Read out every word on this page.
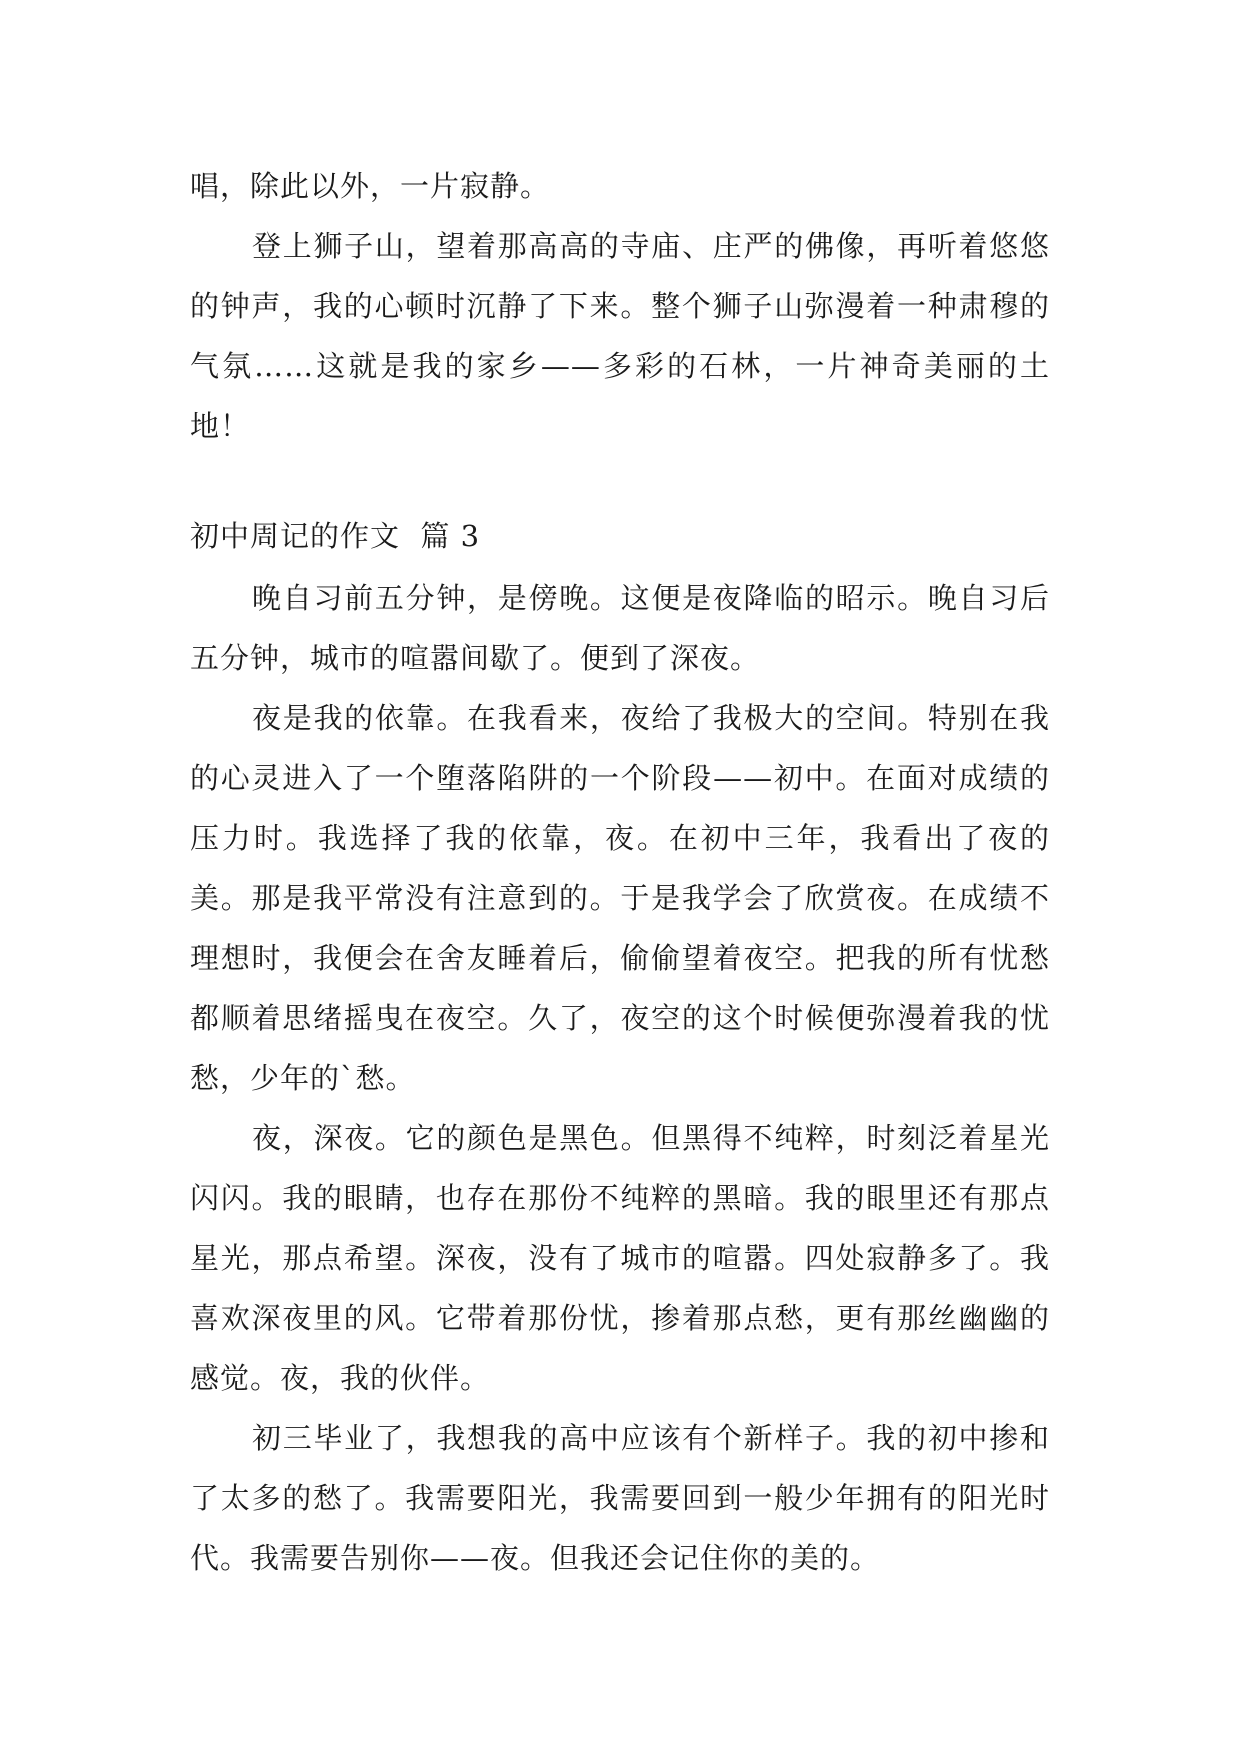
唱，除此以外，一片寂静。

登上狮子山，望着那高高的寺庙、庄严的佛像，再听着悠悠的钟声，我的心顿时沉静了下来。整个狮子山弥漫着一种肃穆的气氛……这就是我的家乡——多彩的石林，一片神奇美丽的土地！

初中周记的作文  篇 3

晚自习前五分钟，是傍晚。这便是夜降临的昭示。晚自习后五分钟，城市的喧嚣间歇了。便到了深夜。

夜是我的依靠。在我看来，夜给了我极大的空间。特别在我的心灵进入了一个堕落陷阱的一个阶段——初中。在面对成绩的压力时。我选择了我的依靠，夜。在初中三年，我看出了夜的美。那是我平常没有注意到的。于是我学会了欣赏夜。在成绩不理想时，我便会在舍友睡着后，偷偷望着夜空。把我的所有忧愁都顺着思绪摇曳在夜空。久了，夜空的这个时候便弥漫着我的忧愁，少年的`愁。

夜，深夜。它的颜色是黑色。但黑得不纯粹，时刻泛着星光闪闪。我的眼睛，也存在那份不纯粹的黑暗。我的眼里还有那点星光，那点希望。深夜，没有了城市的喧嚣。四处寂静多了。我喜欢深夜里的风。它带着那份忧，掺着那点愁，更有那丝幽幽的感觉。夜，我的伙伴。

初三毕业了，我想我的高中应该有个新样子。我的初中掺和了太多的愁了。我需要阳光，我需要回到一般少年拥有的阳光时代。我需要告别你——夜。但我还会记住你的美的。
